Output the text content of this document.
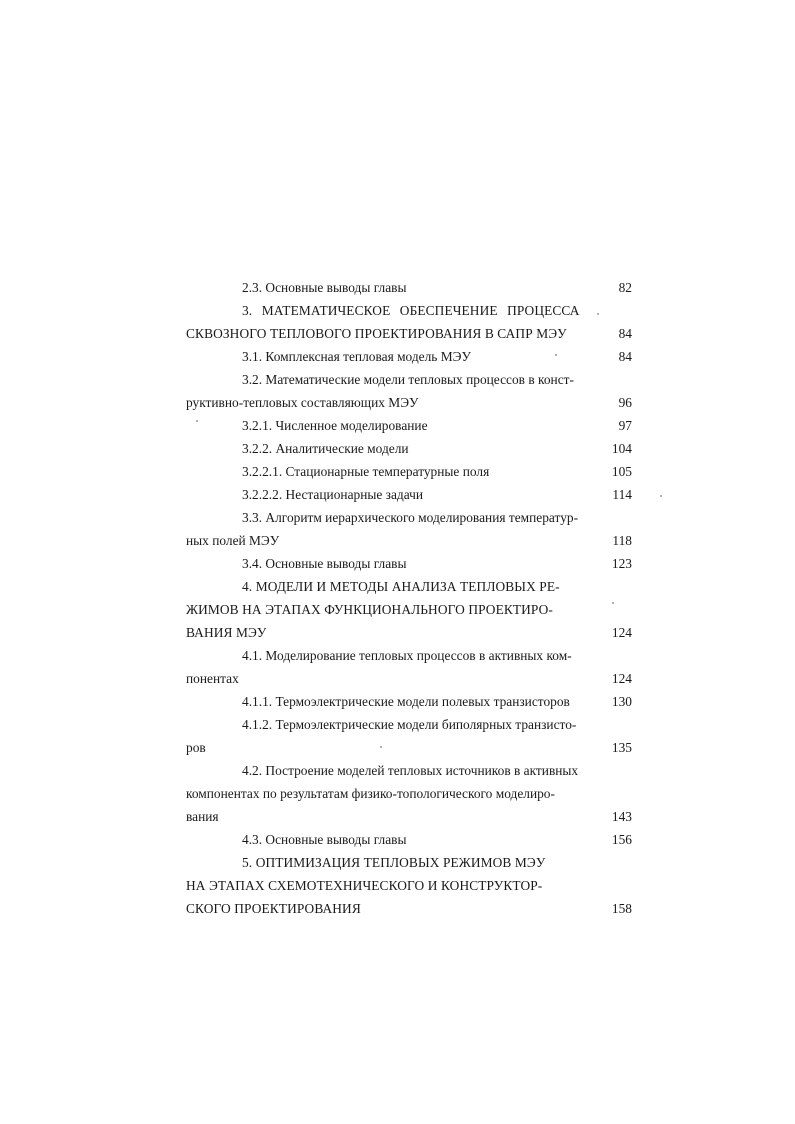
2.3. Основные выводы главы	82
3. МАТЕМАТИЧЕСКОЕ ОБЕСПЕЧЕНИЕ ПРОЦЕССА
СКВОЗНОГО ТЕПЛОВОГО ПРОЕКТИРОВАНИЯ В САПР МЭУ	84
3.1. Комплексная тепловая модель МЭУ	84
3.2. Математические модели тепловых процессов в конст-
руктивно-тепловых составляющих МЭУ	96
3.2.1. Численное моделирование	97
3.2.2. Аналитические модели	104
3.2.2.1. Стационарные температурные поля	105
3.2.2.2. Нестационарные задачи	114
3.3. Алгоритм иерархического моделирования температур-
ных полей МЭУ	118
3.4. Основные выводы главы	123
4. МОДЕЛИ И МЕТОДЫ АНАЛИЗА ТЕПЛОВЫХ РЕ-
ЖИМОВ НА ЭТАПАХ ФУНКЦИОНАЛЬНОГО ПРОЕКТИРО-
ВАНИЯ МЭУ	124
4.1. Моделирование тепловых процессов в активных ком-
понентах	124
4.1.1. Термоэлектрические модели полевых транзисторов	130
4.1.2. Термоэлектрические модели биполярных транзисто-
ров	135
4.2. Построение моделей тепловых источников в активных
компонентах по результатам физико-топологического моделиро-
вания	143
4.3. Основные выводы главы	156
5. ОПТИМИЗАЦИЯ ТЕПЛОВЫХ РЕЖИМОВ МЭУ
НА ЭТАПАХ СХЕМОТЕХНИЧЕСКОГО И КОНСТРУКТОР-
СКОГО ПРОЕКТИРОВАНИЯ	158
